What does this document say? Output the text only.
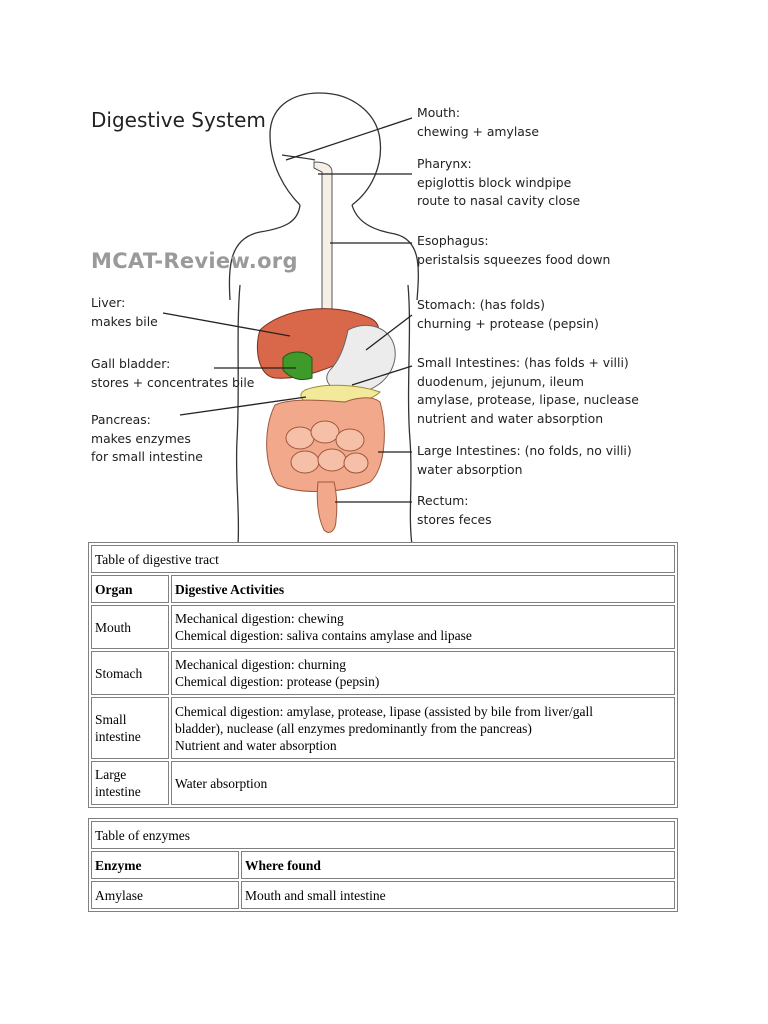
Digestive System
MCAT-Review.org
Mouth:
chewing + amylase
Pharynx:
epiglottis block windpipe
route to nasal cavity close
Esophagus:
peristalsis squeezes food down
Stomach: (has folds)
churning + protease (pepsin)
Small Intestines: (has folds + villi)
duodenum, jejunum, ileum
amylase, protease, lipase, nuclease
nutrient and water absorption
Large Intestines: (no folds, no villi)
water absorption
Rectum:
stores feces
Liver:
makes bile
Gall bladder:
stores + concentrates bile
Pancreas:
makes enzymes
for small intestine
Table of digestive tract	
Organ	Digestive Activities

Mouth	Mechanical digestion: chewing
Chemical digestion: saliva contains amylase and lipase

Stomach	Mechanical digestion: churning
Chemical digestion: protease (pepsin)

Small
intestine	Chemical digestion: amylase, protease, lipase (assisted by bile from liver/gall
bladder), nuclease (all enzymes predominantly from the pancreas)
Nutrient and water absorption

Large
intestine	Water absorption
Table of enzymes	
Enzyme	Where found
Amylase	Mouth and small intestine
